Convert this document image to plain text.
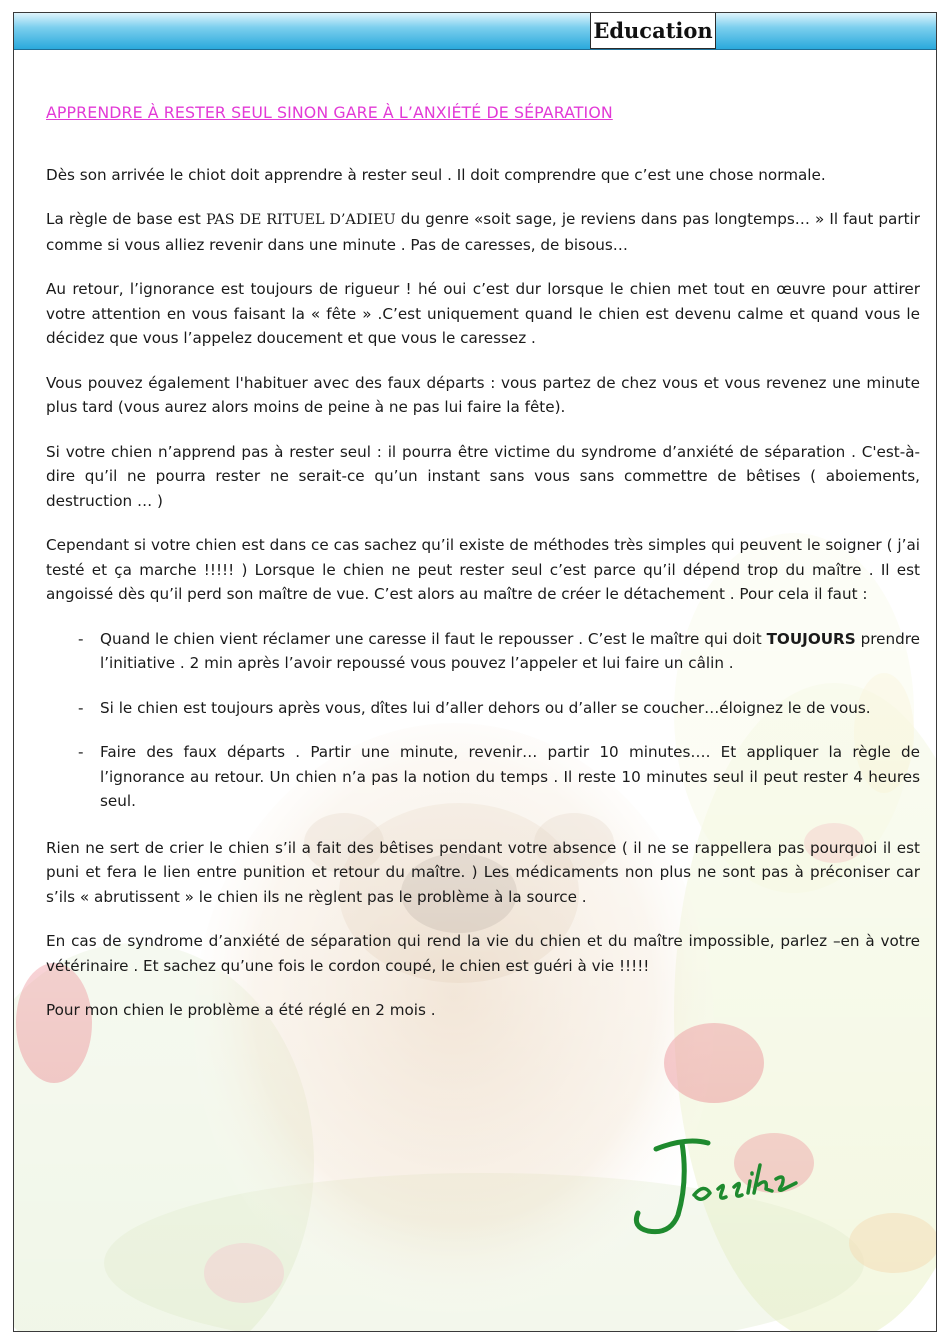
Education

APPRENDRE À RESTER SEUL SINON GARE À L’ANXIÉTÉ DE SÉPARATION

Dès son arrivée le chiot doit apprendre à rester seul . Il doit comprendre que c’est une chose normale.

La règle de base est PAS DE RITUEL D’ADIEU du genre «soit sage, je reviens dans pas longtemps… » Il faut partir comme si vous alliez revenir dans une minute . Pas de caresses, de bisous…

Au retour, l’ignorance est toujours de rigueur ! hé oui c’est dur lorsque le chien met tout en œuvre pour attirer votre attention en vous faisant la « fête » .C’est uniquement quand le chien est devenu calme et quand vous le décidez que vous l’appelez doucement et que vous le caressez .

Vous pouvez également l'habituer avec des faux départs : vous partez de chez vous et vous revenez une minute plus tard (vous aurez alors moins de peine à ne pas lui faire la fête).

Si votre chien n’apprend pas à rester seul : il pourra être victime du syndrome d’anxiété de séparation . C'est-à-dire qu’il ne pourra rester ne serait-ce qu’un instant sans vous sans commettre de bêtises ( aboiements, destruction … )

Cependant si votre chien est dans ce cas sachez qu’il existe de méthodes très simples qui peuvent le soigner ( j’ai testé et ça marche !!!!! ) Lorsque le chien ne peut rester seul c’est parce qu’il dépend trop du maître . Il est angoissé dès qu’il perd son maître de vue. C’est alors au maître de créer le détachement . Pour cela il faut :

- Quand le chien vient réclamer une caresse il faut le repousser . C’est le maître qui doit TOUJOURS prendre l’initiative . 2 min après l’avoir repoussé vous pouvez l’appeler et lui faire un câlin .
- Si le chien est toujours après vous, dîtes lui d’aller dehors ou d’aller se coucher…éloignez le de vous.
- Faire des faux départs . Partir une minute, revenir… partir 10 minutes…. Et appliquer la règle de l’ignorance au retour. Un chien n’a pas la notion du temps . Il reste 10 minutes seul il peut rester 4 heures seul.

Rien ne sert de crier le chien s’il a fait des bêtises pendant votre absence ( il ne se rappellera pas pourquoi il est puni et fera le lien entre punition et retour du maître. ) Les médicaments non plus ne sont pas à préconiser car s’ils « abrutissent » le chien ils ne règlent pas le problème à la source .

En cas de syndrome d’anxiété de séparation qui rend la vie du chien et du maître impossible, parlez –en à votre vétérinaire . Et sachez qu’une fois le cordon coupé, le chien est guéri à vie !!!!!

Pour mon chien le problème a été réglé en 2 mois .
